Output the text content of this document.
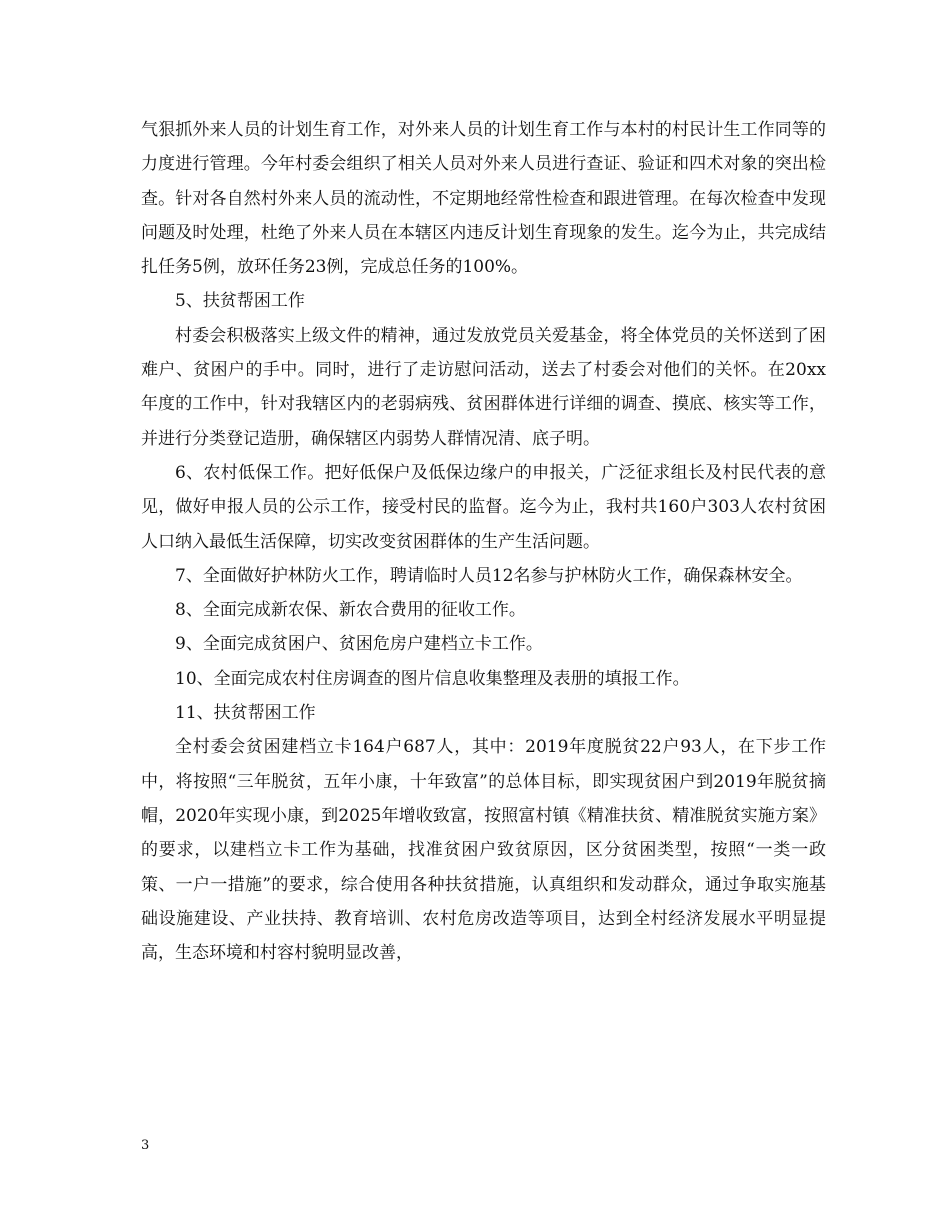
气狠抓外来人员的计划生育工作，对外来人员的计划生育工作与本村的村民计生工作同等的力度进行管理。今年村委会组织了相关人员对外来人员进行查证、验证和四术对象的突出检查。针对各自然村外来人员的流动性，不定期地经常性检查和跟进管理。在每次检查中发现问题及时处理，杜绝了外来人员在本辖区内违反计划生育现象的发生。迄今为止，共完成结扎任务5例，放环任务23例，完成总任务的100%。

5、扶贫帮困工作

村委会积极落实上级文件的精神，通过发放党员关爱基金，将全体党员的关怀送到了困难户、贫困户的手中。同时，进行了走访慰问活动，送去了村委会对他们的关怀。在20xx年度的工作中，针对我辖区内的老弱病残、贫困群体进行详细的调查、摸底、核实等工作，并进行分类登记造册，确保辖区内弱势人群情况清、底子明。

6、农村低保工作。把好低保户及低保边缘户的申报关，广泛征求组长及村民代表的意见，做好申报人员的公示工作，接受村民的监督。迄今为止，我村共160户303人农村贫困人口纳入最低生活保障，切实改变贫困群体的生产生活问题。

7、全面做好护林防火工作，聘请临时人员12名参与护林防火工作，确保森林安全。

8、全面完成新农保、新农合费用的征收工作。

9、全面完成贫困户、贫困危房户建档立卡工作。

10、全面完成农村住房调查的图片信息收集整理及表册的填报工作。

11、扶贫帮困工作

全村委会贫困建档立卡164户687人，其中：2019年度脱贫22户93人，在下步工作中，将按照“三年脱贫，五年小康，十年致富”的总体目标，即实现贫困户到2019年脱贫摘帽，2020年实现小康，到2025年增收致富，按照富村镇《精准扶贫、精准脱贫实施方案》的要求，以建档立卡工作为基础，找准贫困户致贫原因，区分贫困类型，按照“一类一政策、一户一措施”的要求，综合使用各种扶贫措施，认真组织和发动群众，通过争取实施基础设施建设、产业扶持、教育培训、农村危房改造等项目，达到全村经济发展水平明显提高，生态环境和村容村貌明显改善，

3
